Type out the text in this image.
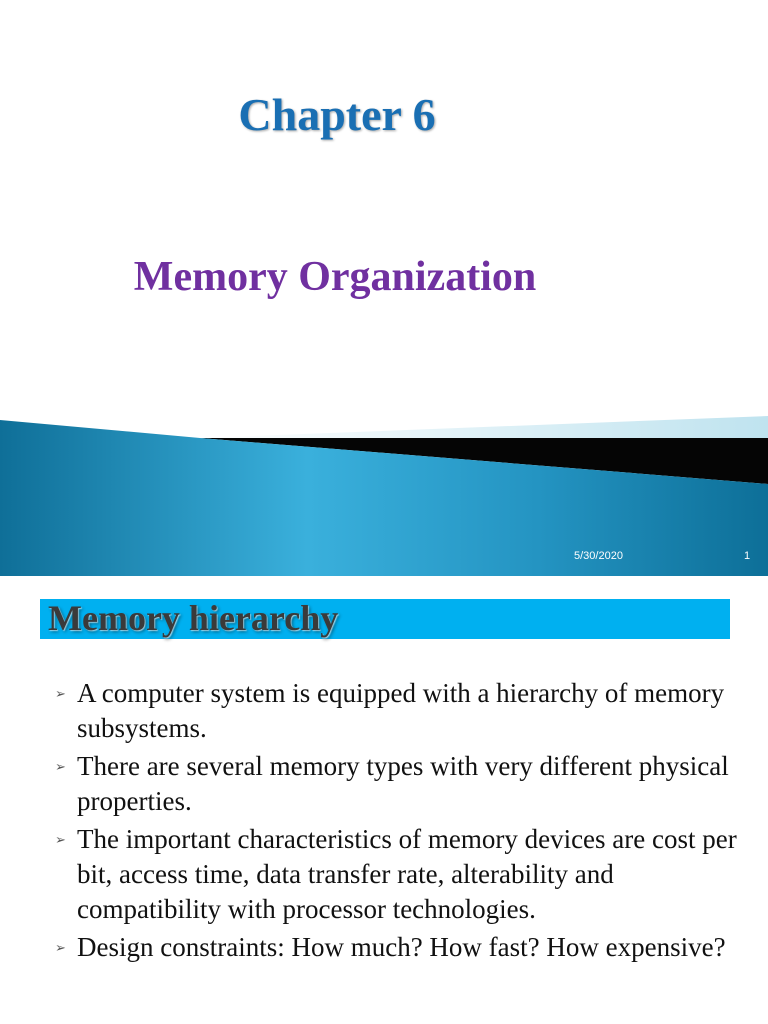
Chapter 6
Memory Organization
5/30/2020	1
Memory hierarchy
➢ A computer system is equipped with a hierarchy of memory subsystems.
➢ There are several memory types with very different physical properties.
➢ The important characteristics of memory devices are cost per bit, access time, data transfer rate, alterability and compatibility with processor technologies.
➢ Design constraints: How much? How fast? How expensive?
